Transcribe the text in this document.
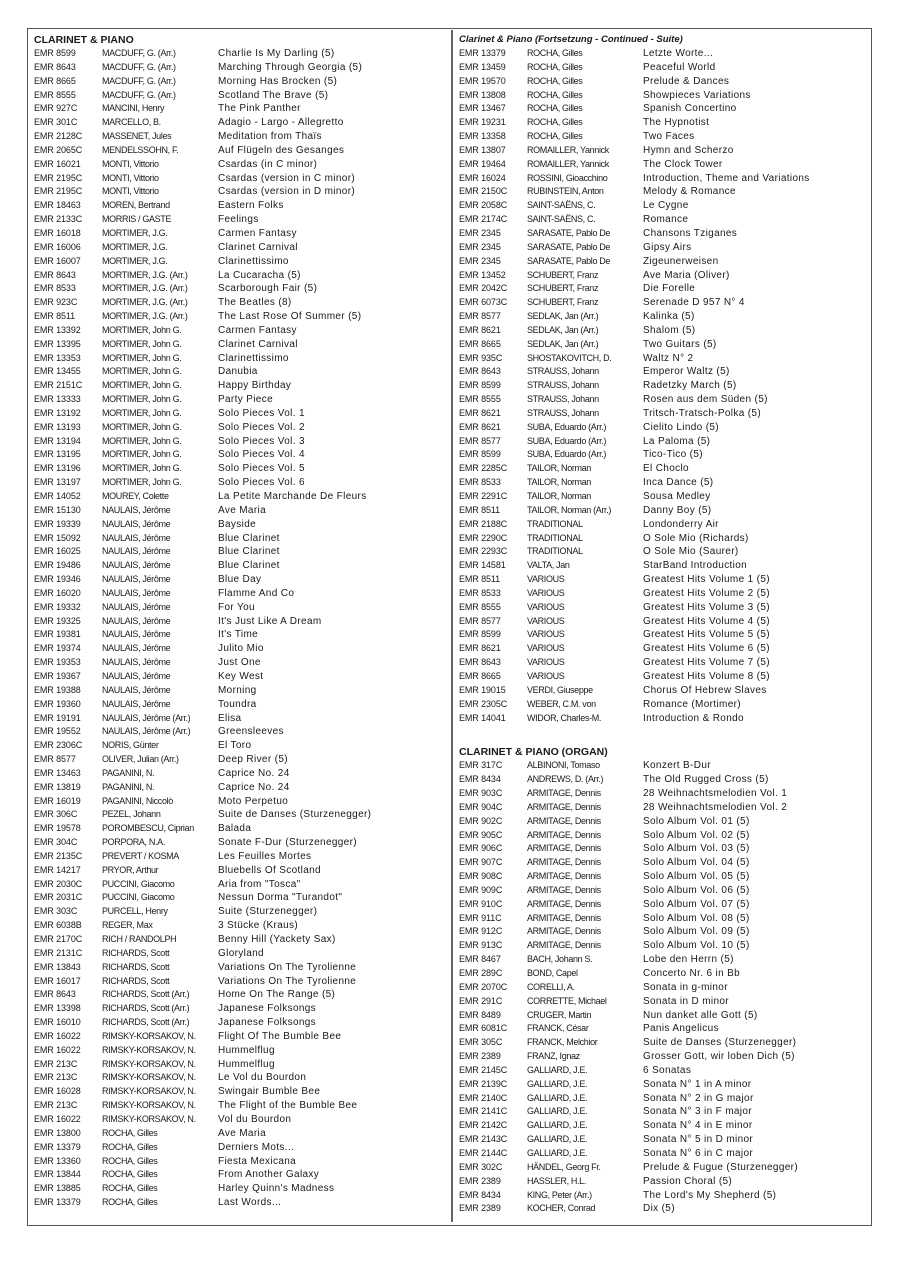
CLARINET & PIANO
EMR 8599	MACDUFF, G. (Arr.)	Charlie Is My Darling (5)
EMR 8643	MACDUFF, G. (Arr.)	Marching Through Georgia (5)
EMR 8665	MACDUFF, G. (Arr.)	Morning Has Brocken (5)
EMR 8555	MACDUFF, G. (Arr.)	Scotland The Brave (5)
EMR 927C	MANCINI, Henry	The Pink Panther
EMR 301C	MARCELLO, B.	Adagio - Largo - Allegretto
EMR 2128C	MASSENET, Jules	Meditation from Thaïs
EMR 2065C	MENDELSSOHN, F.	Auf Flügeln des Gesanges
EMR 16021	MONTI, Vittorio	Csardas (in C minor)
EMR 2195C	MONTI, Vittorio	Csardas (version in C minor)
EMR 2195C	MONTI, Vittorio	Csardas (version in D minor)
EMR 18463	MOREN, Bertrand	Eastern Folks
EMR 2133C	MORRIS / GASTE	Feelings
EMR 16018	MORTIMER, J.G.	Carmen Fantasy
EMR 16006	MORTIMER, J.G.	Clarinet Carnival
EMR 16007	MORTIMER, J.G.	Clarinettissimo
EMR 8643	MORTIMER, J.G. (Arr.)	La Cucaracha (5)
EMR 8533	MORTIMER, J.G. (Arr.)	Scarborough Fair (5)
EMR 923C	MORTIMER, J.G. (Arr.)	The Beatles (8)
EMR 8511	MORTIMER, J.G. (Arr.)	The Last Rose Of Summer (5)
EMR 13392	MORTIMER, John G.	Carmen Fantasy
EMR 13395	MORTIMER, John G.	Clarinet Carnival
EMR 13353	MORTIMER, John G.	Clarinettissimo
EMR 13455	MORTIMER, John G.	Danubia
EMR 2151C	MORTIMER, John G.	Happy Birthday
EMR 13333	MORTIMER, John G.	Party Piece
EMR 13192	MORTIMER, John G.	Solo Pieces Vol. 1
EMR 13193	MORTIMER, John G.	Solo Pieces Vol. 2
EMR 13194	MORTIMER, John G.	Solo Pieces Vol. 3
EMR 13195	MORTIMER, John G.	Solo Pieces Vol. 4
EMR 13196	MORTIMER, John G.	Solo Pieces Vol. 5
EMR 13197	MORTIMER, John G.	Solo Pieces Vol. 6
EMR 14052	MOUREY, Colette	La Petite Marchande De Fleurs
EMR 15130	NAULAIS, Jérôme	Ave Maria
EMR 19339	NAULAIS, Jérôme	Bayside
EMR 15092	NAULAIS, Jérôme	Blue Clarinet
EMR 16025	NAULAIS, Jérôme	Blue Clarinet
EMR 19486	NAULAIS, Jérôme	Blue Clarinet
EMR 19346	NAULAIS, Jérôme	Blue Day
EMR 16020	NAULAIS, Jérôme	Flamme And Co
EMR 19332	NAULAIS, Jérôme	For You
EMR 19325	NAULAIS, Jérôme	It's Just Like A Dream
EMR 19381	NAULAIS, Jérôme	It's Time
EMR 19374	NAULAIS, Jérôme	Julito Mio
EMR 19353	NAULAIS, Jérôme	Just One
EMR 19367	NAULAIS, Jérôme	Key West
EMR 19388	NAULAIS, Jérôme	Morning
EMR 19360	NAULAIS, Jérôme	Toundra
EMR 19191	NAULAIS, Jérôme (Arr.)	Elisa
EMR 19552	NAULAIS, Jérôme (Arr.)	Greensleeves
EMR 2306C	NORIS, Günter	El Toro
EMR 8577	OLIVER, Julian (Arr.)	Deep River (5)
EMR 13463	PAGANINI, N.	Caprice No. 24
EMR 13819	PAGANINI, N.	Caprice No. 24
EMR 16019	PAGANINI, Niccolò	Moto Perpetuo
EMR 306C	PEZEL, Johann	Suite de Danses (Sturzenegger)
EMR 19578	POROMBESCU, Ciprian	Balada
EMR 304C	PORPORA, N.A.	Sonate F-Dur (Sturzenegger)
EMR 2135C	PREVERT / KOSMA	Les Feuilles Mortes
EMR 14217	PRYOR, Arthur	Bluebells Of Scotland
EMR 2030C	PUCCINI, Giacomo	Aria from "Tosca"
EMR 2031C	PUCCINI, Giacomo	Nessun Dorma "Turandot"
EMR 303C	PURCELL, Henry	Suite (Sturzenegger)
EMR 6038B	REGER, Max	3 Stücke (Kraus)
EMR 2170C	RICH / RANDOLPH	Benny Hill (Yackety Sax)
EMR 2131C	RICHARDS, Scott	Gloryland
EMR 13843	RICHARDS, Scott	Variations On The Tyrolienne
EMR 16017	RICHARDS, Scott	Variations On The Tyrolienne
EMR 8643	RICHARDS, Scott (Arr.)	Home On The Range (5)
EMR 13398	RICHARDS, Scott (Arr.)	Japanese Folksongs
EMR 16010	RICHARDS, Scott (Arr.)	Japanese Folksongs
EMR 16022	RIMSKY-KORSAKOV, N.	Flight Of The Bumble Bee
EMR 16022	RIMSKY-KORSAKOV, N.	Hummelflug
EMR 213C	RIMSKY-KORSAKOV, N.	Hummelflug
EMR 213C	RIMSKY-KORSAKOV, N.	Le Vol du Bourdon
EMR 16028	RIMSKY-KORSAKOV, N.	Swingair Bumble Bee
EMR 213C	RIMSKY-KORSAKOV, N.	The Flight of the Bumble Bee
EMR 16022	RIMSKY-KORSAKOV, N.	Vol du Bourdon
EMR 13800	ROCHA, Gilles	Ave Maria
EMR 13379	ROCHA, Gilles	Derniers Mots...
EMR 13360	ROCHA, Gilles	Fiesta Mexicana
EMR 13844	ROCHA, Gilles	From Another Galaxy
EMR 13885	ROCHA, Gilles	Harley Quinn's Madness
EMR 13379	ROCHA, Gilles	Last Words...
Clarinet & Piano (Fortsetzung - Continued - Suite)
EMR 13379	ROCHA, Gilles	Letzte Worte...
EMR 13459	ROCHA, Gilles	Peaceful World
EMR 19570	ROCHA, Gilles	Prelude & Dances
EMR 13808	ROCHA, Gilles	Showpieces Variations
EMR 13467	ROCHA, Gilles	Spanish Concertino
EMR 19231	ROCHA, Gilles	The Hypnotist
EMR 13358	ROCHA, Gilles	Two Faces
EMR 13807	ROMAILLER, Yannick	Hymn and Scherzo
EMR 19464	ROMAILLER, Yannick	The Clock Tower
EMR 16024	ROSSINI, Gioacchino	Introduction, Theme and Variations
EMR 2150C	RUBINSTEIN, Anton	Melody & Romance
EMR 2058C	SAINT-SAËNS, C.	Le Cygne
EMR 2174C	SAINT-SAËNS, C.	Romance
EMR 2345	SARASATE, Pablo De	Chansons Tziganes
EMR 2345	SARASATE, Pablo De	Gipsy Airs
EMR 2345	SARASATE, Pablo De	Zigeunerweisen
EMR 13452	SCHUBERT, Franz	Ave Maria (Oliver)
EMR 2042C	SCHUBERT, Franz	Die Forelle
EMR 6073C	SCHUBERT, Franz	Serenade D 957 N° 4
EMR 8577	SEDLAK, Jan (Arr.)	Kalinka (5)
EMR 8621	SEDLAK, Jan (Arr.)	Shalom (5)
EMR 8665	SEDLAK, Jan (Arr.)	Two Guitars (5)
EMR 935C	SHOSTAKOVITCH, D.	Waltz N° 2
EMR 8643	STRAUSS, Johann	Emperor Waltz (5)
EMR 8599	STRAUSS, Johann	Radetzky March (5)
EMR 8555	STRAUSS, Johann	Rosen aus dem Süden (5)
EMR 8621	STRAUSS, Johann	Tritsch-Tratsch-Polka (5)
EMR 8621	SUBA, Eduardo (Arr.)	Cielito Lindo (5)
EMR 8577	SUBA, Eduardo (Arr.)	La Paloma (5)
EMR 8599	SUBA, Eduardo (Arr.)	Tico-Tico (5)
EMR 2285C	TAILOR, Norman	El Choclo
EMR 8533	TAILOR, Norman	Inca Dance (5)
EMR 2291C	TAILOR, Norman	Sousa Medley
EMR 8511	TAILOR, Norman (Arr.)	Danny Boy (5)
EMR 2188C	TRADITIONAL	Londonderry Air
EMR 2290C	TRADITIONAL	O Sole Mio (Richards)
EMR 2293C	TRADITIONAL	O Sole Mio (Saurer)
EMR 14581	VALTA, Jan	StarBand Introduction
EMR 8511	VARIOUS	Greatest Hits Volume 1 (5)
EMR 8533	VARIOUS	Greatest Hits Volume 2 (5)
EMR 8555	VARIOUS	Greatest Hits Volume 3 (5)
EMR 8577	VARIOUS	Greatest Hits Volume 4 (5)
EMR 8599	VARIOUS	Greatest Hits Volume 5 (5)
EMR 8621	VARIOUS	Greatest Hits Volume 6 (5)
EMR 8643	VARIOUS	Greatest Hits Volume 7 (5)
EMR 8665	VARIOUS	Greatest Hits Volume 8 (5)
EMR 19015	VERDI, Giuseppe	Chorus Of Hebrew Slaves
EMR 2305C	WEBER, C.M. von	Romance (Mortimer)
EMR 14041	WIDOR, Charles-M.	Introduction & Rondo
CLARINET & PIANO (ORGAN)
EMR 317C	ALBINONI, Tomaso	Konzert B-Dur
EMR 8434	ANDREWS, D. (Arr.)	The Old Rugged Cross (5)
EMR 903C	ARMITAGE, Dennis	28 Weihnachtsmelodien Vol. 1
EMR 904C	ARMITAGE, Dennis	28 Weihnachtsmelodien Vol. 2
EMR 902C	ARMITAGE, Dennis	Solo Album Vol. 01 (5)
EMR 905C	ARMITAGE, Dennis	Solo Album Vol. 02 (5)
EMR 906C	ARMITAGE, Dennis	Solo Album Vol. 03 (5)
EMR 907C	ARMITAGE, Dennis	Solo Album Vol. 04 (5)
EMR 908C	ARMITAGE, Dennis	Solo Album Vol. 05 (5)
EMR 909C	ARMITAGE, Dennis	Solo Album Vol. 06 (5)
EMR 910C	ARMITAGE, Dennis	Solo Album Vol. 07 (5)
EMR 911C	ARMITAGE, Dennis	Solo Album Vol. 08 (5)
EMR 912C	ARMITAGE, Dennis	Solo Album Vol. 09 (5)
EMR 913C	ARMITAGE, Dennis	Solo Album Vol. 10 (5)
EMR 8467	BACH, Johann S.	Lobe den Herrn (5)
EMR 289C	BOND, Capel	Concerto Nr. 6 in Bb
EMR 2070C	CORELLI, A.	Sonata in g-minor
EMR 291C	CORRETTE, Michael	Sonata in D minor
EMR 8489	CRUGER, Martin	Nun danket alle Gott (5)
EMR 6081C	FRANCK, César	Panis Angelicus
EMR 305C	FRANCK, Melchior	Suite de Danses (Sturzenegger)
EMR 2389	FRANZ, Ignaz	Grosser Gott, wir loben Dich (5)
EMR 2145C	GALLIARD, J.E.	6 Sonatas
EMR 2139C	GALLIARD, J.E.	Sonata N° 1 in A minor
EMR 2140C	GALLIARD, J.E.	Sonata N° 2 in G major
EMR 2141C	GALLIARD, J.E.	Sonata N° 3 in F major
EMR 2142C	GALLIARD, J.E.	Sonata N° 4 in E minor
EMR 2143C	GALLIARD, J.E.	Sonata N° 5 in D minor
EMR 2144C	GALLIARD, J.E.	Sonata N° 6 in C major
EMR 302C	HÄNDEL, Georg Fr.	Prelude & Fugue (Sturzenegger)
EMR 2389	HASSLER, H.L.	Passion Choral (5)
EMR 8434	KING, Peter (Arr.)	The Lord's My Shepherd (5)
EMR 2389	KOCHER, Conrad	Dix (5)
